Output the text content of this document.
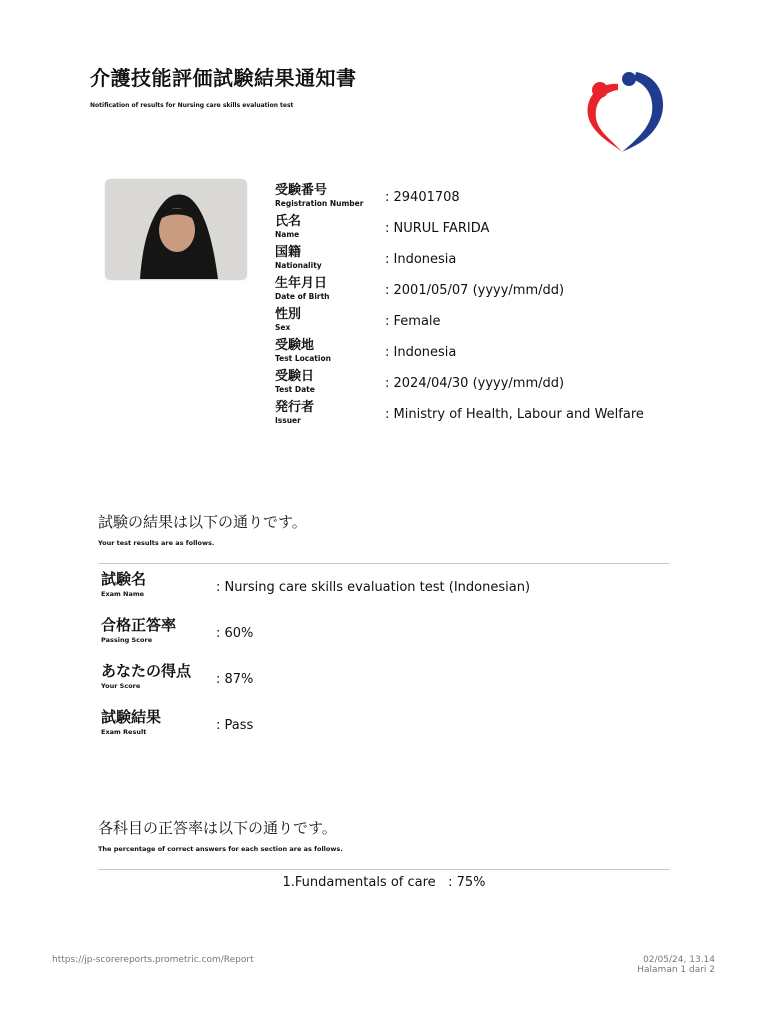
介護技能評価試験結果通知書
Notification of results for Nursing care skills evaluation test
受験番号
Registration Number : 29401708
氏名
Name	: NURUL FARIDA
国籍
Nationality	: Indonesia
生年月日
Date of Birth	: 2001/05/07 (yyyy/mm/dd)
性別
Sex	: Female
受験地
Test Location	: Indonesia
受験日
Test Date	: 2024/04/30 (yyyy/mm/dd)
発行者
Issuer	: Ministry of Health, Labour and Welfare
試験の結果は以下の通りです。
Your test results are as follows.
試験名
Exam Name	: Nursing care skills evaluation test (Indonesian)
合格正答率
Passing Score	: 60%
あなたの得点
Your Score	: 87%
試験結果
Exam Result	: Pass
各科目の正答率は以下の通りです。
The percentage of correct answers for each section are as follows.
1.Fundamentals of care : 75%
https://jp-scorereports.prometric.com/Report	02/05/24, 13.14
Halaman 1 dari 2
